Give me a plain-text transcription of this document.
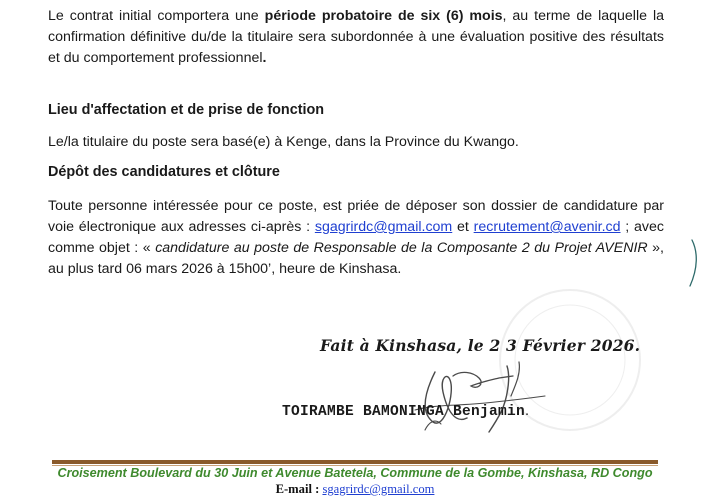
Le contrat initial comportera une période probatoire de six (6) mois, au terme de laquelle la confirmation définitive du/de la titulaire sera subordonnée à une évaluation positive des résultats et du comportement professionnel.

Lieu d'affectation et de prise de fonction

Le/la titulaire du poste sera basé(e) à Kenge, dans la Province du Kwango.

Dépôt des candidatures et clôture

Toute personne intéressée pour ce poste, est priée de déposer son dossier de candidature par voie électronique aux adresses ci-après : sgagrirdc@gmail.com et recrutement@avenir.cd ; avec comme objet : « candidature au poste de Responsable de la Composante 2 du Projet AVENIR », au plus tard 06 mars 2026 à 15h00’, heure de Kinshasa.

Fait à Kinshasa, le 2 3 Février 2026.
TOIRAMBE BAMONINGA Benjamin.
Croisement Boulevard du 30 Juin et Avenue Batetela, Commune de la Gombe, Kinshasa, RD Congo
E-mail : sgagrirdc@gmail.com
